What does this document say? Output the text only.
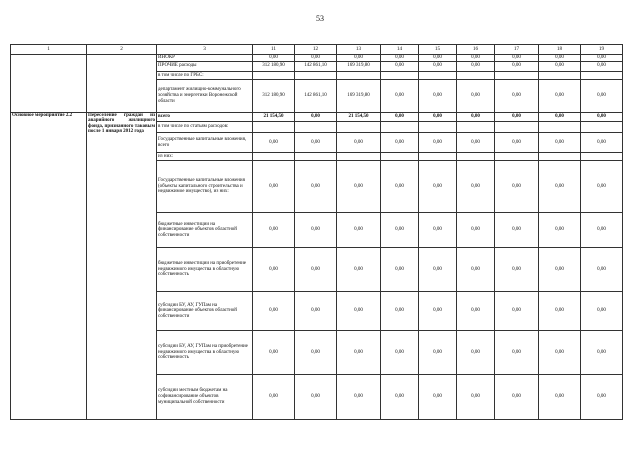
53
1	2	3	11	12	13	14	15	16	17	18	19
		ИНОКР	0,00	0,00	0,00	0,00	0,00	0,00	0,00	0,00	0,00
		ПРОЧИЕ расходы	312 180,90	142 861,10	169 319,80	0,00	0,00	0,00	0,00	0,00	0,00
		в том числе по ГРБС:									
		департамент жилищно-коммунального хозяйства и энергетики Воронежской области	312 180,90	142 861,10	169 319,80	0,00	0,00	0,00	0,00	0,00	0,00
Основное мероприятие 2.2	Переселение граждан из аварийного жилищного фонда, признанного таковым после 1 января 2012 года	всего	21 154,50	0,00	21 154,50	0,00	0,00	0,00	0,00	0,00	0,00
		в том числе по статьям расходов:									
		Государственные капитальные вложения, всего	0,00	0,00	0,00	0,00	0,00	0,00	0,00	0,00	0,00
		из них:									
		Государственные капитальные вложения (объекты капитального строительства и недвижимое имущество), из них:	0,00	0,00	0,00	0,00	0,00	0,00	0,00	0,00	0,00
		бюджетные инвестиции на финансирование объектов областной собственности	0,00	0,00	0,00	0,00	0,00	0,00	0,00	0,00	0,00
		бюджетные инвестиции на приобретение недвижимого имущества в областную собственность	0,00	0,00	0,00	0,00	0,00	0,00	0,00	0,00	0,00
		субсидии БУ, АУ, ГУПам на финансирование объектов областной собственности	0,00	0,00	0,00	0,00	0,00	0,00	0,00	0,00	0,00
		субсидии БУ, АУ, ГУПам на приобретение недвижимого имущества в областную собственность	0,00	0,00	0,00	0,00	0,00	0,00	0,00	0,00	0,00
		субсидии местным бюджетам на софинансирование объектов муниципальной собственности	0,00	0,00	0,00	0,00	0,00	0,00	0,00	0,00	0,00
